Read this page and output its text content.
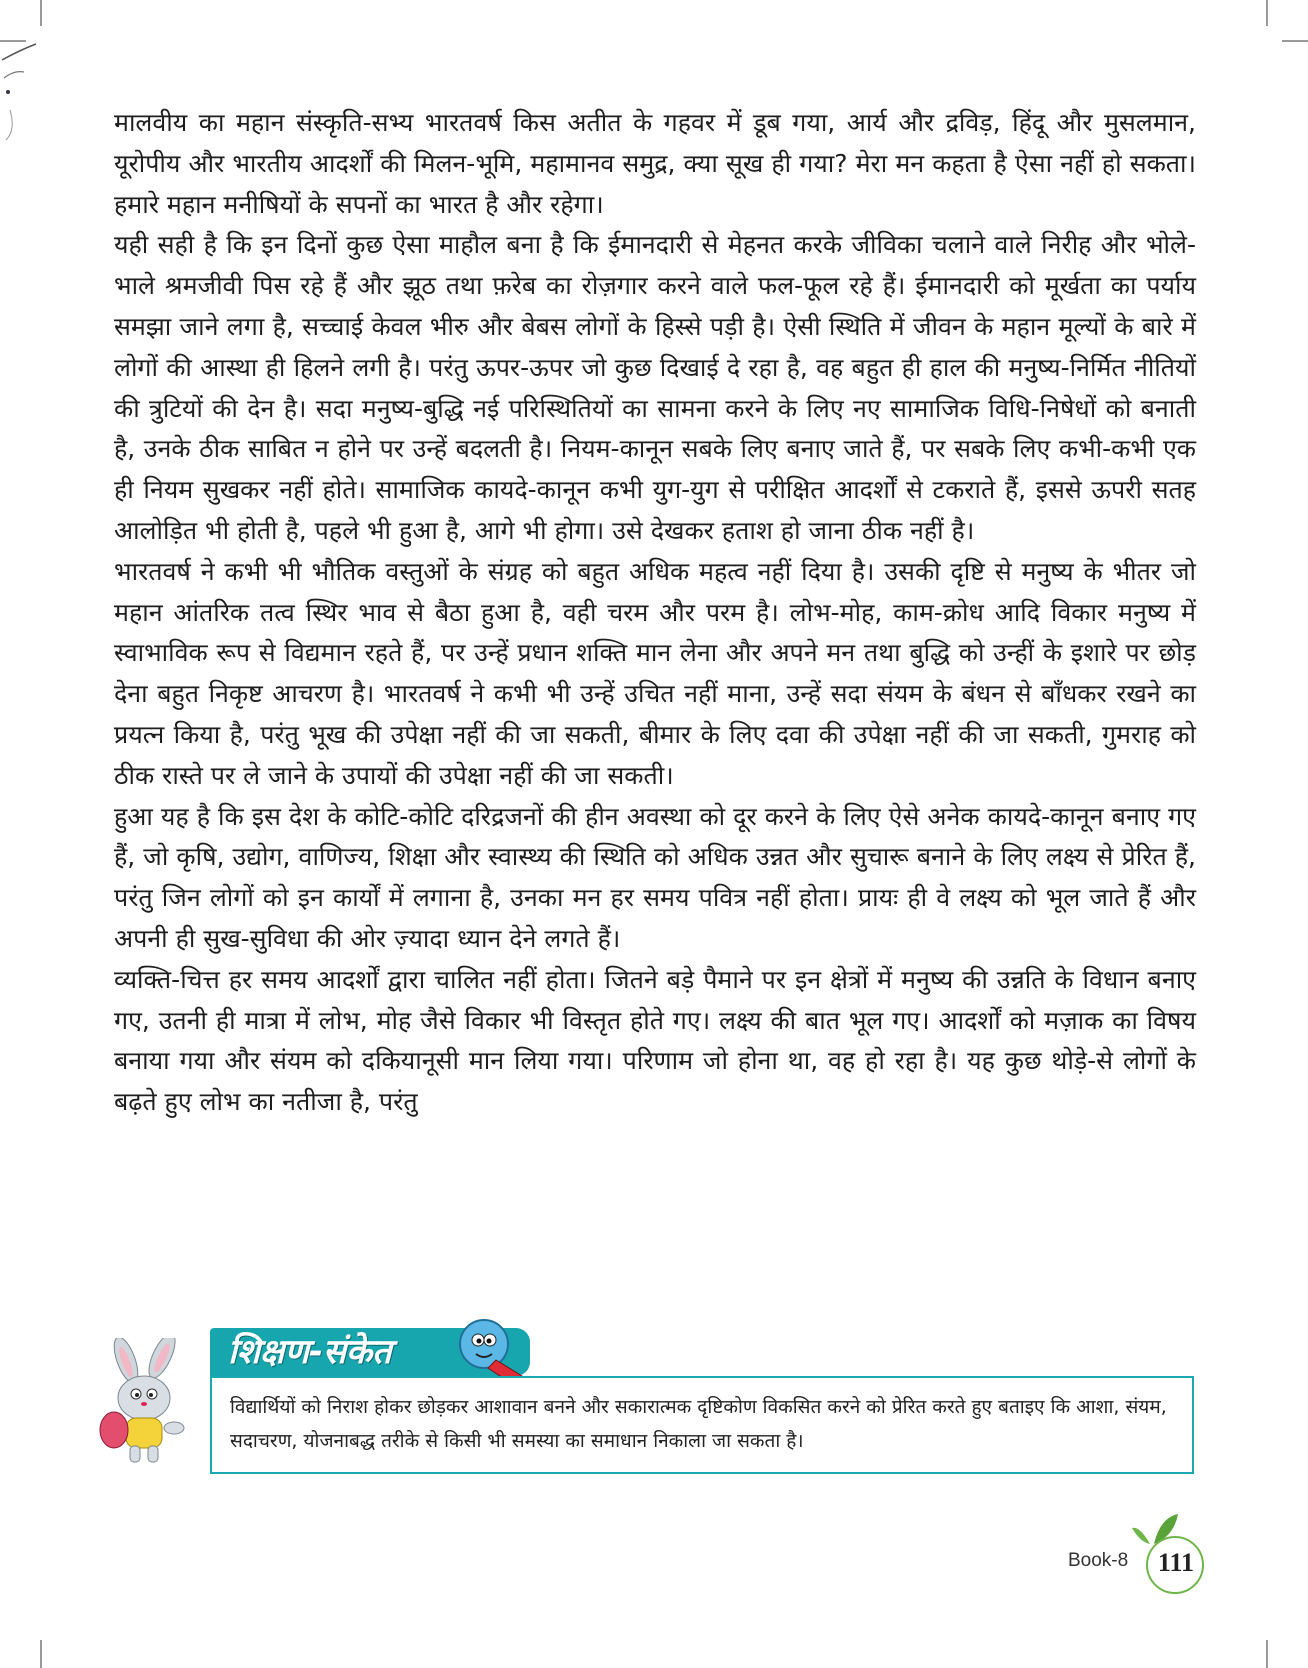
मालवीय का महान संस्कृति-सभ्य भारतवर्ष किस अतीत के गहवर में डूब गया, आर्य और द्रविड़, हिंदू और मुसलमान, यूरोपीय और भारतीय आदर्शों की मिलन-भूमि, महामानव समुद्र, क्या सूख ही गया? मेरा मन कहता है ऐसा नहीं हो सकता। हमारे महान मनीषियों के सपनों का भारत है और रहेगा।

यही सही है कि इन दिनों कुछ ऐसा माहौल बना है कि ईमानदारी से मेहनत करके जीविका चलाने वाले निरीह और भोले-भाले श्रमजीवी पिस रहे हैं और झूठ तथा फ़रेब का रोज़गार करने वाले फल-फूल रहे हैं। ईमानदारी को मूर्खता का पर्याय समझा जाने लगा है, सच्चाई केवल भीरु और बेबस लोगों के हिस्से पड़ी है। ऐसी स्थिति में जीवन के महान मूल्यों के बारे में लोगों की आस्था ही हिलने लगी है। परंतु ऊपर-ऊपर जो कुछ दिखाई दे रहा है, वह बहुत ही हाल की मनुष्य-निर्मित नीतियों की त्रुटियों की देन है। सदा मनुष्य-बुद्धि नई परिस्थितियों का सामना करने के लिए नए सामाजिक विधि-निषेधों को बनाती है, उनके ठीक साबित न होने पर उन्हें बदलती है। नियम-कानून सबके लिए बनाए जाते हैं, पर सबके लिए कभी-कभी एक ही नियम सुखकर नहीं होते। सामाजिक कायदे-कानून कभी युग-युग से परीक्षित आदर्शों से टकराते हैं, इससे ऊपरी सतह आलोड़ित भी होती है, पहले भी हुआ है, आगे भी होगा। उसे देखकर हताश हो जाना ठीक नहीं है।

भारतवर्ष ने कभी भी भौतिक वस्तुओं के संग्रह को बहुत अधिक महत्व नहीं दिया है। उसकी दृष्टि से मनुष्य के भीतर जो महान आंतरिक तत्व स्थिर भाव से बैठा हुआ है, वही चरम और परम है। लोभ-मोह, काम-क्रोध आदि विकार मनुष्य में स्वाभाविक रूप से विद्यमान रहते हैं, पर उन्हें प्रधान शक्ति मान लेना और अपने मन तथा बुद्धि को उन्हीं के इशारे पर छोड़ देना बहुत निकृष्ट आचरण है। भारतवर्ष ने कभी भी उन्हें उचित नहीं माना, उन्हें सदा संयम के बंधन से बाँधकर रखने का प्रयत्न किया है, परंतु भूख की उपेक्षा नहीं की जा सकती, बीमार के लिए दवा की उपेक्षा नहीं की जा सकती, गुमराह को ठीक रास्ते पर ले जाने के उपायों की उपेक्षा नहीं की जा सकती।

हुआ यह है कि इस देश के कोटि-कोटि दरिद्रजनों की हीन अवस्था को दूर करने के लिए ऐसे अनेक कायदे-कानून बनाए गए हैं, जो कृषि, उद्योग, वाणिज्य, शिक्षा और स्वास्थ्य की स्थिति को अधिक उन्नत और सुचारू बनाने के लिए लक्ष्य से प्रेरित हैं, परंतु जिन लोगों को इन कार्यों में लगाना है, उनका मन हर समय पवित्र नहीं होता। प्रायः ही वे लक्ष्य को भूल जाते हैं और अपनी ही सुख-सुविधा की ओर ज़्यादा ध्यान देने लगते हैं।

व्यक्ति-चित्त हर समय आदर्शों द्वारा चालित नहीं होता। जितने बड़े पैमाने पर इन क्षेत्रों में मनुष्य की उन्नति के विधान बनाए गए, उतनी ही मात्रा में लोभ, मोह जैसे विकार भी विस्तृत होते गए। लक्ष्य की बात भूल गए। आदर्शों को मज़ाक का विषय बनाया गया और संयम को दकियानूसी मान लिया गया। परिणाम जो होना था, वह हो रहा है। यह कुछ थोड़े-से लोगों के बढ़ते हुए लोभ का नतीजा है, परंतु

शिक्षण-संकेत
विद्यार्थियों को निराश होकर छोड़कर आशावान बनने और सकारात्मक दृष्टिकोण विकसित करने को प्रेरित करते हुए बताइए कि आशा, संयम, सदाचरण, योजनाबद्ध तरीके से किसी भी समस्या का समाधान निकाला जा सकता है।
Book-8	111
